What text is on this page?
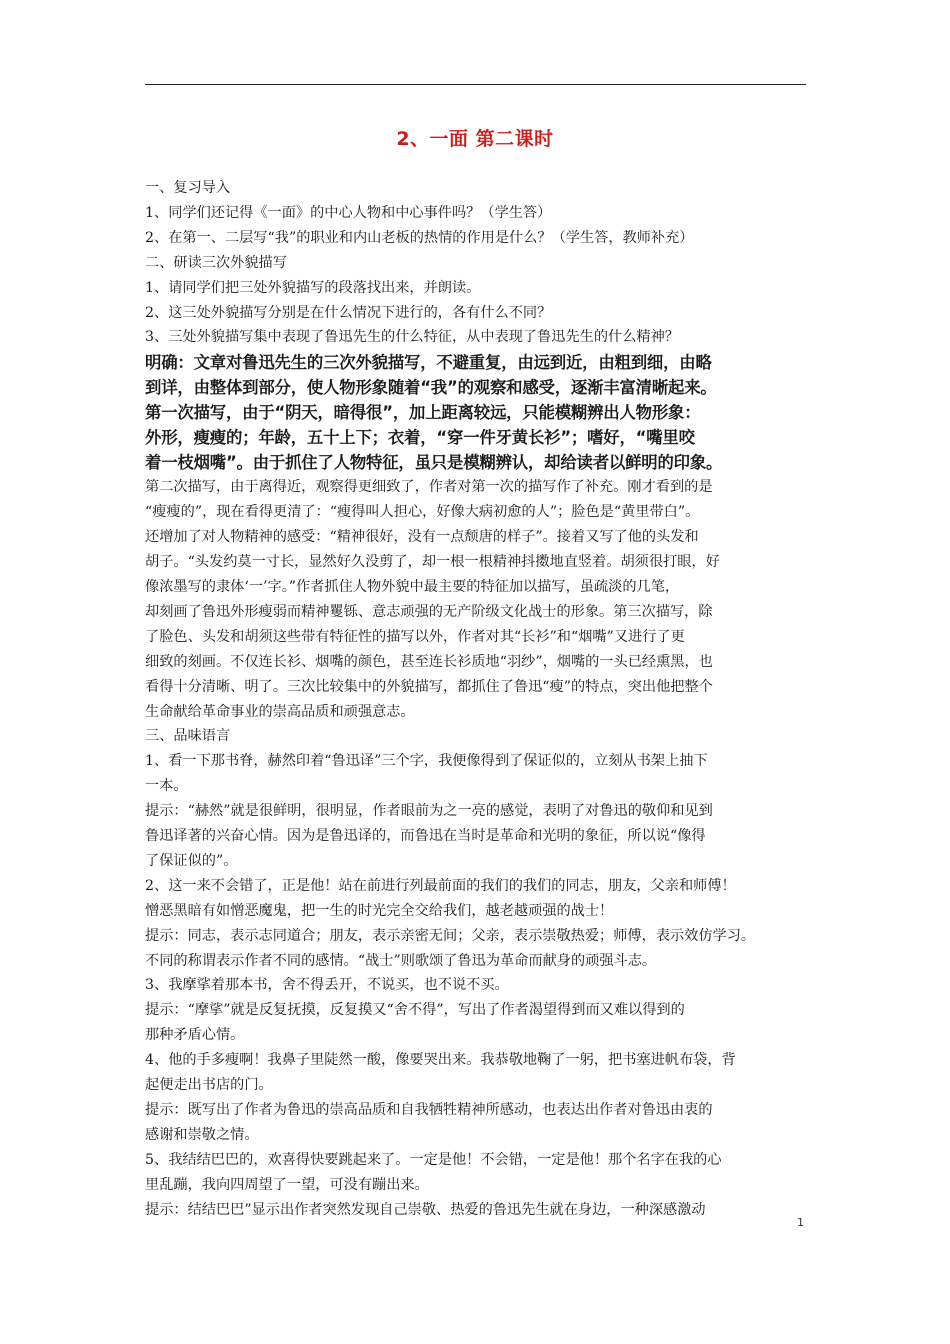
2、一面 第二课时
一、复习导入
1、同学们还记得《一面》的中心人物和中心事件吗？（学生答）
2、在第一、二层写“我”的职业和内山老板的热情的作用是什么？（学生答，教师补充）
二、研读三次外貌描写
1、请同学们把三处外貌描写的段落找出来，并朗读。
2、这三处外貌描写分别是在什么情况下进行的，各有什么不同？
3、三处外貌描写集中表现了鲁迅先生的什么特征，从中表现了鲁迅先生的什么精神？
明确：文章对鲁迅先生的三次外貌描写，不避重复，由远到近，由粗到细，由略
到详，由整体到部分，使人物形象随着“我”的观察和感受，逐渐丰富清晰起来。
第一次描写，由于“阴天，暗得很”，加上距离较远，只能模糊辨出人物形象：
外形，瘦瘦的；年龄，五十上下；衣着，“穿一件牙黄长衫”；嗜好，“嘴里咬
着一枝烟嘴”。由于抓住了人物特征，虽只是模糊辨认，却给读者以鲜明的印象。
第二次描写，由于离得近，观察得更细致了，作者对第一次的描写作了补充。刚才看到的是
“瘦瘦的”，现在看得更清了：“瘦得叫人担心，好像大病初愈的人”；脸色是“黄里带白”。
还增加了对人物精神的感受：“精神很好，没有一点颓唐的样子”。接着又写了他的头发和
胡子。“头发约莫一寸长，显然好久没剪了，却一根一根精神抖擞地直竖着。胡须很打眼，好
像浓墨写的隶体‘一’字。”作者抓住人物外貌中最主要的特征加以描写，虽疏淡的几笔，
却刻画了鲁迅外形瘦弱而精神矍铄、意志顽强的无产阶级文化战士的形象。第三次描写，除
了脸色、头发和胡须这些带有特征性的描写以外，作者对其“长衫”和“烟嘴”又进行了更
细致的刻画。不仅连长衫、烟嘴的颜色，甚至连长衫质地“羽纱”，烟嘴的一头已经熏黑，也
看得十分清晰、明了。三次比较集中的外貌描写，都抓住了鲁迅“瘦”的特点，突出他把整个
生命献给革命事业的崇高品质和顽强意志。
三、品味语言
1、看一下那书脊，赫然印着“鲁迅译”三个字，我便像得到了保证似的，立刻从书架上抽下
一本。
提示：“赫然”就是很鲜明，很明显，作者眼前为之一亮的感觉，表明了对鲁迅的敬仰和见到
鲁迅译著的兴奋心情。因为是鲁迅译的，而鲁迅在当时是革命和光明的象征，所以说“像得
了保证似的”。
2、这一来不会错了，正是他！站在前进行列最前面的我们的我们的同志，朋友，父亲和师傅！
憎恶黑暗有如憎恶魔鬼，把一生的时光完全交给我们，越老越顽强的战士！
提示：同志，表示志同道合；朋友，表示亲密无间；父亲，表示崇敬热爱；师傅，表示效仿学习。
不同的称谓表示作者不同的感情。“战士”则歌颂了鲁迅为革命而献身的顽强斗志。
3、我摩挲着那本书，舍不得丢开，不说买，也不说不买。
提示：“摩挲”就是反复抚摸，反复摸又“舍不得”，写出了作者渴望得到而又难以得到的
那种矛盾心情。
4、他的手多瘦啊！我鼻子里陡然一酸，像要哭出来。我恭敬地鞠了一躬，把书塞进帆布袋，背
起便走出书店的门。
提示：既写出了作者为鲁迅的崇高品质和自我牺牲精神所感动，也表达出作者对鲁迅由衷的
感谢和崇敬之情。
5、我结结巴巴的，欢喜得快要跳起来了。一定是他！不会错，一定是他！那个名字在我的心
里乱蹦，我向四周望了一望，可没有蹦出来。
提示：结结巴巴”显示出作者突然发现自己崇敬、热爱的鲁迅先生就在身边，一种深感激动
1
